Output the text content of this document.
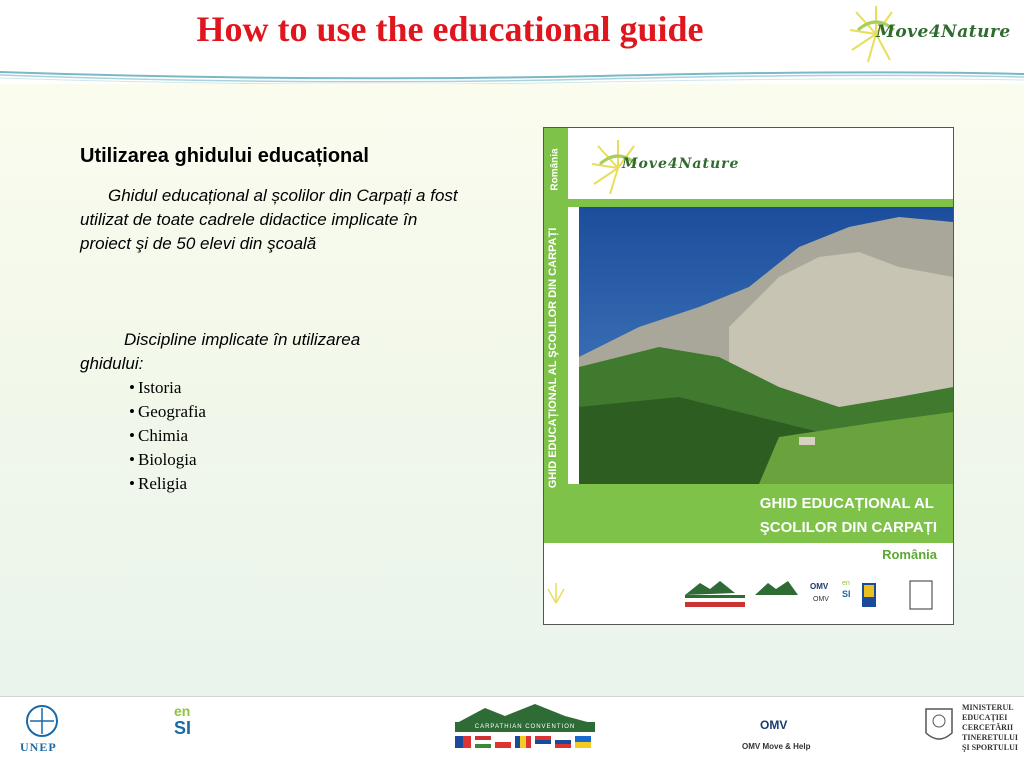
How to use the educational guide	Move4Nature
Utilizarea ghidului educațional

Ghidul educațional al școlilor din Carpați a fost utilizat de toate cadrele didactice implicate în proiect şi de 50 elevi din şcoală

Discipline implicate în utilizarea ghidului:

• Istoria
• Geografia
• Chimia
• Biologia
• Religia
Move4Nature
GHID EDUCAȚIONAL AL
ŞCOLILOR DIN CARPAȚI
România
GHID EDUCAȚIONAL AL ŞCOLILOR DIN CARPAȚI
România
OMV
OMV
en
SI
UNEP
en
SI	CARPATHIAN CONVENTION	OMV
OMV Move & Help
MINISTERUL
EDUCAȚIEI
CERCETĂRII
TINERETULUI
ŞI SPORTULUI
